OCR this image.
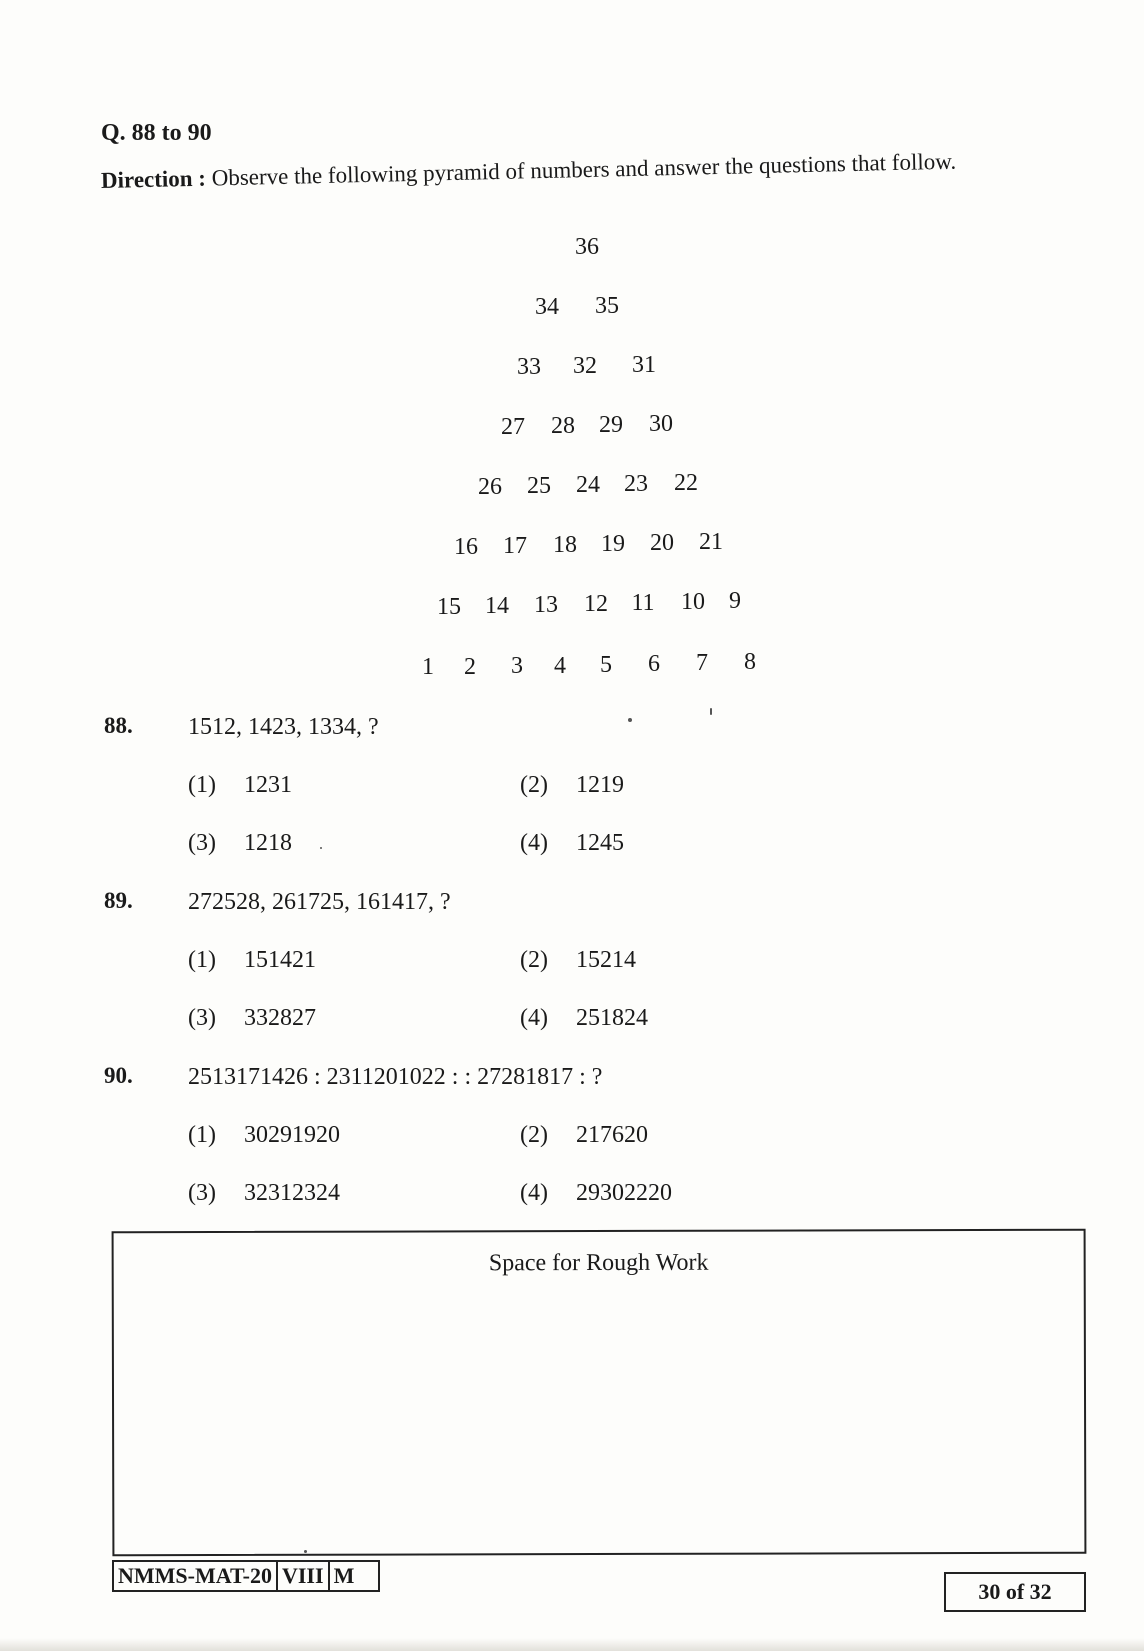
Q. 88 to 90
Direction : Observe the following pyramid of numbers and answer the questions that follow.
36
34 35
33 32 31
27 28 29 30
26 25 24 23 22
16 17 18 19 20 21
15 14 13 12 11 10 9
1 2 3 4 5 6 7 8
88. 1512, 1423, 1334, ?
(1) 1231	(2) 1219
(3) 1218	(4) 1245
89. 272528, 261725, 161417, ?
(1) 151421	(2) 15214
(3) 332827	(4) 251824
90. 2513171426 : 2311201022 : : 27281817 : ?
(1) 30291920	(2) 217620
(3) 32312324	(4) 29302220
Space for Rough Work
NMMS-MAT-20 VIII M
30 of 32
